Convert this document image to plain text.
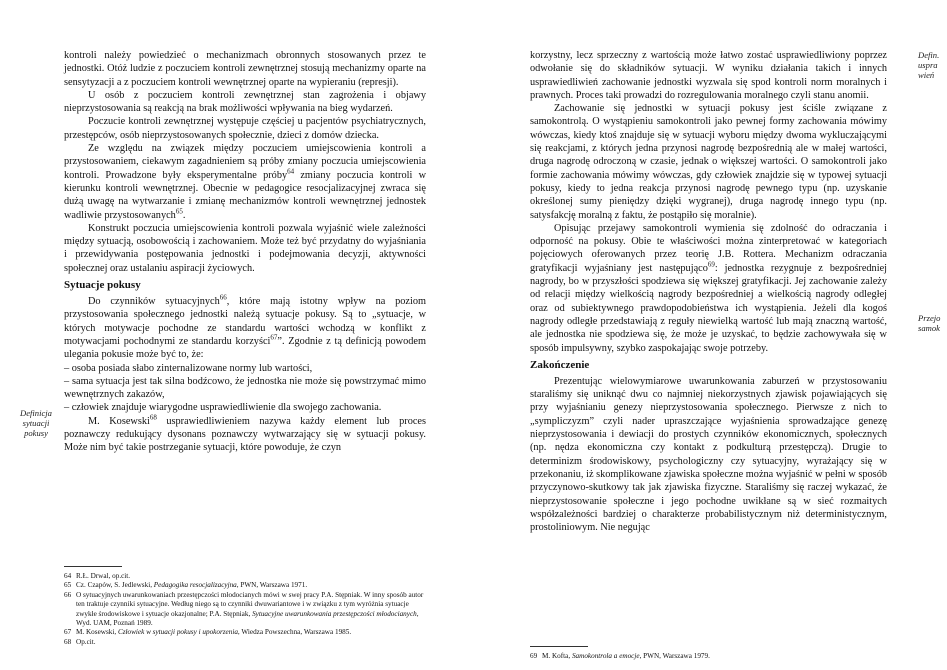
kontroli należy powiedzieć o mechanizmach obronnych stosowanych przez te jednostki. Otóż ludzie z poczuciem kontroli zewnętrznej stosują mechanizmy oparte na sensytyzacji a z poczuciem kontroli wewnętrznej oparte na wypieraniu (represji).

U osób z poczuciem kontroli zewnętrznej stan zagrożenia i objawy nieprzystosowania są reakcją na brak możliwości wpływania na bieg wydarzeń.

Poczucie kontroli zewnętrznej występuje częściej u pacjentów psychiatrycznych, przestępców, osób nieprzystosowanych społecznie, dzieci z domów dziecka.

Ze względu na związek między poczuciem umiejscowienia kontroli a przystosowaniem, ciekawym zagadnieniem są próby zmiany poczucia umiejscowienia kontroli. Prowadzone były eksperymentalne próby$^{64}$ zmiany poczucia kontroli w kierunku kontroli wewnętrznej. Obecnie w pedagogice resocjalizacyjnej zwraca się dużą uwagę na wytwarzanie i zmianę mechanizmów kontroli wewnętrznej jednostek wadliwie przystosowanych$^{65}$.

Konstrukt poczucia umiejscowienia kontroli pozwala wyjaśnić wiele zależności między sytuacją, osobowością i zachowaniem. Może też być przydatny do wyjaśniania i przewidywania postępowania jednostki i podejmowania decyzji, aktywności społecznej oraz ustalaniu aspiracji życiowych.

Sytuacje pokusy

Do czynników sytuacyjnych$^{66}$, które mają istotny wpływ na poziom przystosowania społecznego jednostki należą sytuacje pokusy. Są to „sytuacje, w których motywacje pochodne ze standardu wartości wchodzą w konflikt z motywacjami pochodnymi ze standardu korzyści$^{67}$”. Zgodnie z tą definicją powodem ulegania pokusie może być to, że:

– osoba posiada słabo zinternalizowane normy lub wartości,
– sama sytuacja jest tak silna bodźcowo, że jednostka nie może się powstrzymać mimo wewnętrznych zakazów,
– człowiek znajduje wiarygodne usprawiedliwienie dla swojego zachowania.

M. Kosewski$^{68}$ usprawiedliwieniem nazywa każdy element lub proces poznawczy redukujący dysonans poznawczy wytwarzający się w sytuacji pokusy. Może nim być takie postrzeganie sytuacji, które powoduje, że czyn

Definicja sytuacji pokusy
64 R.Ł. Drwal, op.cit.
65 Cz. Czapów, S. Jedlewski, Pedagogika resocjalizacyjna, PWN, Warszawa 1971.
66 O sytuacyjnych uwarunkowaniach przestępczości młodocianych mówi w swej pracy P.A. Stępniak. W inny sposób autor ten traktuje czynniki sytuacyjne. Według niego są to czynniki dwuwariantowe i w związku z tym wyróżnia sytuacje zwykłe środowiskowe i sytuacje okazjonalne; P.A. Stępniak, Sytuacyjne uwarunkowania przestępczości młodocianych, Wyd. UAM, Poznań 1989.
67 M. Kosewski, Człowiek w sytuacji pokusy i upokorzenia, Wiedza Powszechna, Warszawa 1985.
68 Op.cit.

korzystny, lecz sprzeczny z wartością może łatwo zostać usprawiedliwiony poprzez odwołanie się do składników sytuacji. W wyniku działania takich i innych usprawiedliwień zachowanie jednostki wyzwala się spod kontroli norm moralnych i prawnych. Proces taki prowadzi do rozregulowania moralnego czyli stanu anomii.

Zachowanie się jednostki w sytuacji pokusy jest ściśle związane z samokontrolą. O wystąpieniu samokontroli jako pewnej formy zachowania mówimy wówczas, kiedy ktoś znajduje się w sytuacji wyboru między dwoma wykluczającymi się reakcjami, z których jedna przynosi nagrodę bezpośrednią ale w małej wartości, druga nagrodę odroczoną w czasie, jednak o większej wartości. O samokontroli jako formie zachowania mówimy wówczas, gdy człowiek znajdzie się w typowej sytuacji pokusy, kiedy to jedna reakcja przynosi nagrodę pewnego typu (np. uzyskanie określonej sumy pieniędzy dzięki wygranej), druga nagrodę innego typu (np. satysfakcję moralną z faktu, że postąpiło się moralnie).

Opisując przejawy samokontroli wymienia się zdolność do odraczania i odporność na pokusy. Obie te właściwości można zinterpretować w kategoriach pojęciowych oferowanych przez teorię J.B. Rottera. Mechanizm odraczania gratyfikacji wyjaśniany jest następująco$^{69}$: jednostka rezygnuje z bezpośredniej nagrody, bo w przyszłości spodziewa się większej gratyfikacji. Jej zachowanie zależy od relacji między wielkością nagrody bezpośredniej a wielkością nagrody odległej oraz od subiektywnego prawdopodobieństwa ich wystąpienia. Jeżeli dla kogoś nagrody odległe przedstawiają z reguły niewielką wartość lub mają znaczną wartość, ale jednostka nie spodziewa się, że może je uzyskać, to będzie zachowywała się w sposób impulsywny, szybko zaspokajając swoje potrzeby.

Zakończenie

Prezentując wielowymiarowe uwarunkowania zaburzeń w przystosowaniu staraliśmy się uniknąć dwu co najmniej niekorzystnych zjawisk pojawiających się przy wyjaśnianiu genezy nieprzystosowania społecznego. Pierwsze z nich to „sympliczyzm” czyli nader upraszczające wyjaśnienia sprowadzające genezę nieprzystosowania i dewiacji do prostych czynników ekonomicznych, społecznych (np. nędza ekonomiczna czy kontakt z podkulturą przestępczą). Drugie to determinizm środowiskowy, psychologiczny czy sytuacyjny, wyrażający się w przekonaniu, iż skomplikowane zjawiska społeczne można wyjaśnić w pełni w sposób przyczynowo-skutkowy tak jak zjawiska fizyczne. Staraliśmy się raczej wykazać, że nieprzystosowanie społeczne i jego pochodne uwikłane są w sieć rozmaitych współzależności bardziej o charakterze probabilistycznym niż deterministycznym, prostoliniowym. Nie negując

Defin. uspra wień
Przejo samok
69 M. Kofta, Samokontrola a emocje, PWN, Warszawa 1979.
